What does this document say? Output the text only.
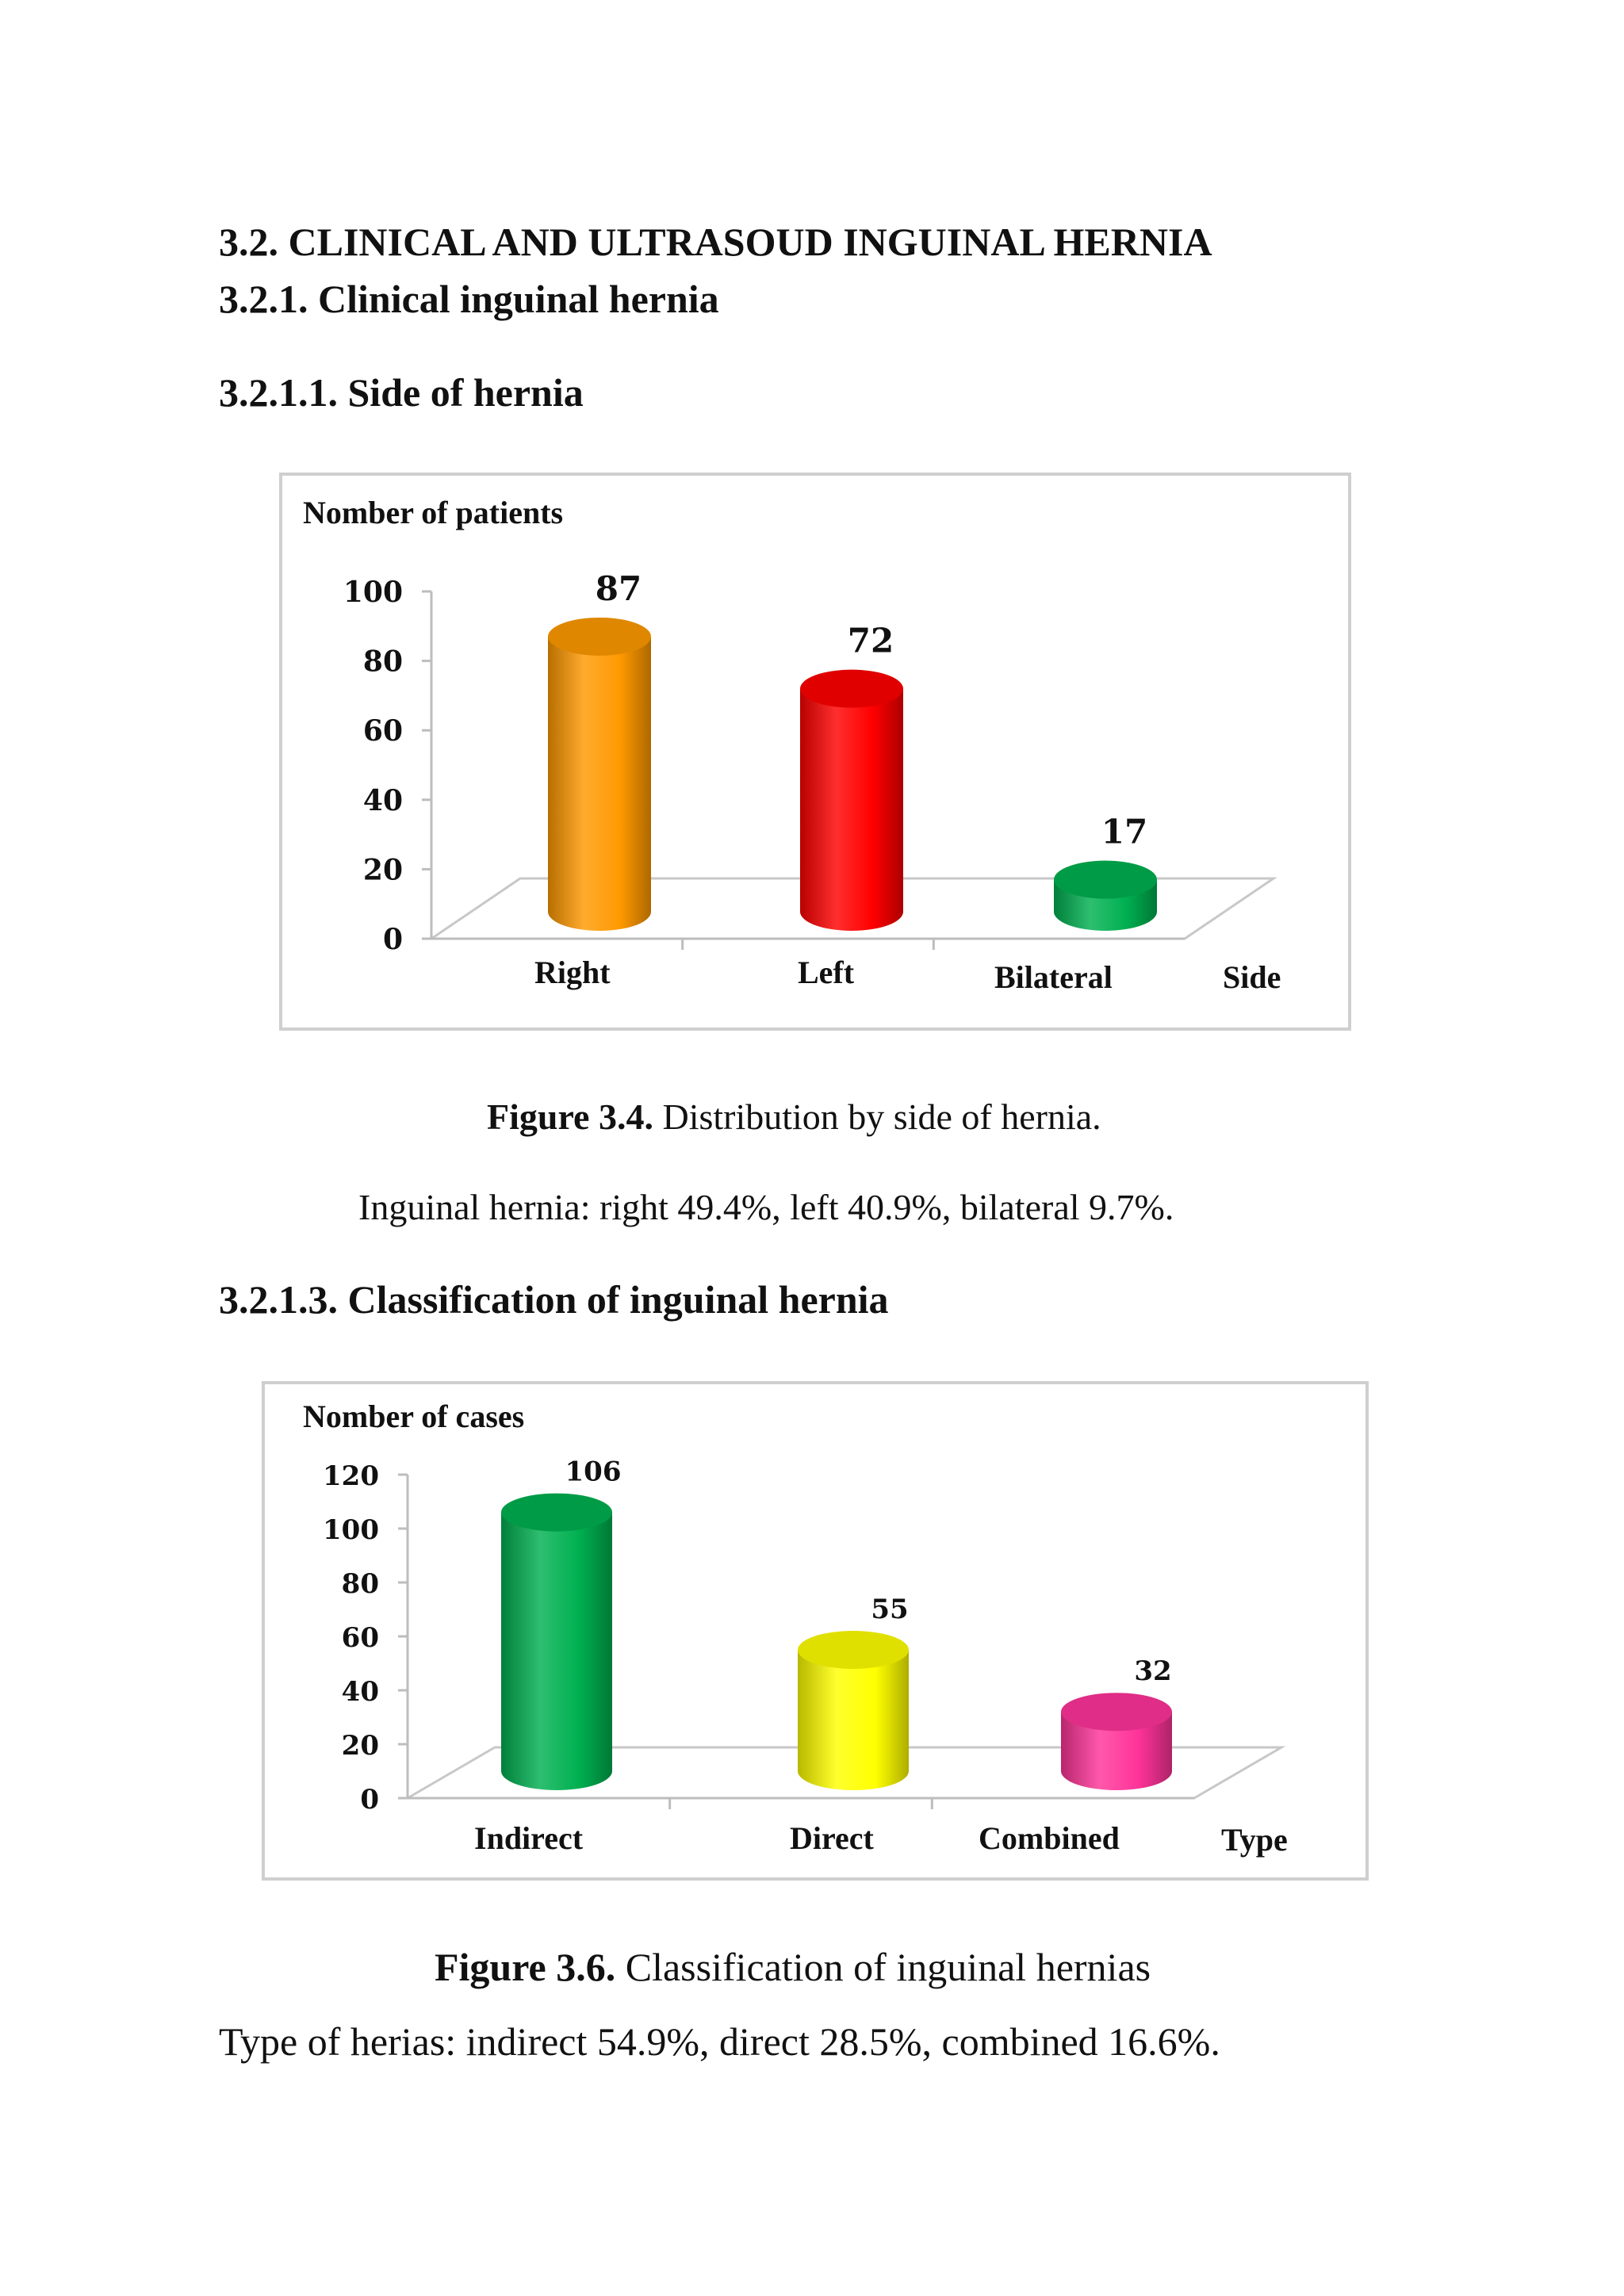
3.2. CLINICAL AND ULTRASOUD INGUINAL HERNIA
3.2.1. Clinical inguinal hernia
3.2.1.1. Side of hernia
0
20
40
60
80
100
Nomber of patients
Side
87
Right
72
Left
17
Bilateral

Figure 3.4. Distribution by side of hernia.

Inguinal hernia: right 49.4%, left 40.9%, bilateral 9.7%.

3.2.1.3. Classification of inguinal hernia
0
20
40
60
80
100
120
Nomber of cases
Type
106
Indirect
55
Direct
32
Combined

Figure 3.6. Classification of inguinal hernias

Type of herias: indirect 54.9%, direct 28.5%, combined 16.6%.
